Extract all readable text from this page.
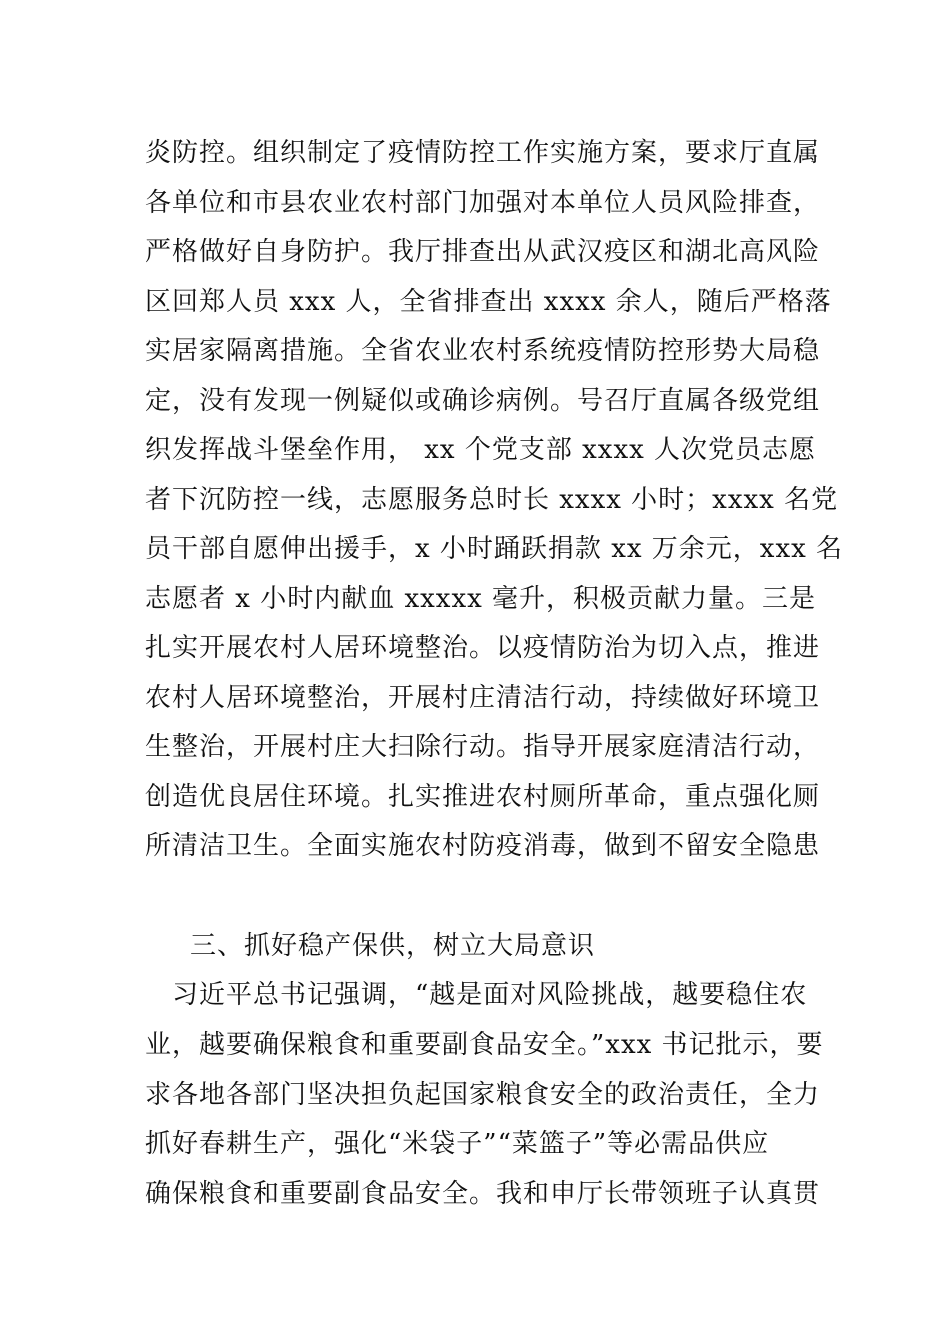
炎防控。组织制定了疫情防控工作实施方案，要求厅直属
各单位和市县农业农村部门加强对本单位人员风险排查，
严格做好自身防护。我厅排查出从武汉疫区和湖北高风险
区回郑人员 xxx 人，全省排查出 xxxx 余人，随后严格落
实居家隔离措施。全省农业农村系统疫情防控形势大局稳
定，没有发现一例疑似或确诊病例。号召厅直属各级党组
织发挥战斗堡垒作用， xx 个党支部 xxxx 人次党员志愿
者下沉防控一线，志愿服务总时长 xxxx 小时；xxxx 名党
员干部自愿伸出援手，x 小时踊跃捐款 xx 万余元，xxx 名
志愿者 x 小时内献血 xxxxx 毫升，积极贡献力量。三是
扎实开展农村人居环境整治。以疫情防治为切入点，推进
农村人居环境整治，开展村庄清洁行动，持续做好环境卫
生整治，开展村庄大扫除行动。指导开展家庭清洁行动，
创造优良居住环境。扎实推进农村厕所革命，重点强化厕
所清洁卫生。全面实施农村防疫消毒，做到不留安全隐患
三、抓好稳产保供，树立大局意识
习近平总书记强调，“越是面对风险挑战，越要稳住农
业，越要确保粮食和重要副食品安全。”xxx 书记批示，要
求各地各部门坚决担负起国家粮食安全的政治责任，全力
抓好春耕生产，强化“米袋子”“菜篮子”等必需品供应
确保粮食和重要副食品安全。我和申厅长带领班子认真贯
